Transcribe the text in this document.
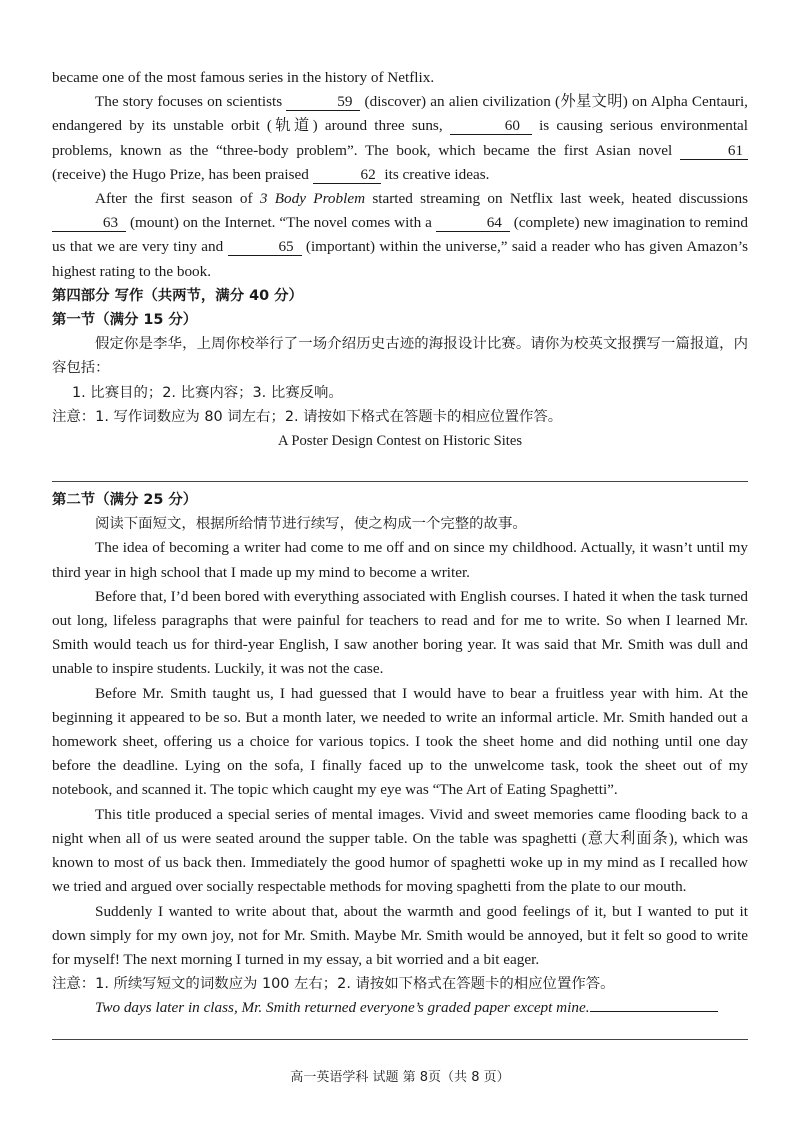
became one of the most famous series in the history of Netflix.

The story focuses on scientists	59 (discover) an alien civilization (外星文明) on Alpha Centauri, endangered by its unstable orbit (轨道) around three suns,	60 is causing serious environmental problems, known as the “three-body problem”. The book, which became the first Asian novel	61 (receive) the Hugo Prize, has been praised	62 its creative ideas.

After the first season of 3 Body Problem started streaming on Netflix last week, heated discussions 63 (mount) on the Internet. “The novel comes with a	64 (complete) new imagination to remind us that we are very tiny and	65 (important) within the universe,” said a reader who has given Amazon’s highest rating to the book.

第四部分 写作（共两节，满分 40 分）

第一节（满分 15 分）

假定你是李华，上周你校举行了一场介绍历史古迹的海报设计比赛。请你为校英文报撰写一篇报道，内容包括：

1. 比赛目的；2. 比赛内容；3. 比赛反响。

注意：1. 写作词数应为 80 词左右；2. 请按如下格式在答题卡的相应位置作答。

A Poster Design Contest on Historic Sites

第二节（满分 25 分）

阅读下面短文，根据所给情节进行续写，使之构成一个完整的故事。

The idea of becoming a writer had come to me off and on since my childhood. Actually, it wasn’t until my third year in high school that I made up my mind to become a writer.

Before that, I’d been bored with everything associated with English courses. I hated it when the task turned out long, lifeless paragraphs that were painful for teachers to read and for me to write. So when I learned Mr. Smith would teach us for third-year English, I saw another boring year. It was said that Mr. Smith was dull and unable to inspire students. Luckily, it was not the case.

Before Mr. Smith taught us, I had guessed that I would have to bear a fruitless year with him. At the beginning it appeared to be so. But a month later, we needed to write an informal article. Mr. Smith handed out a homework sheet, offering us a choice for various topics. I took the sheet home and did nothing until one day before the deadline. Lying on the sofa, I finally faced up to the unwelcome task, took the sheet out of my notebook, and scanned it. The topic which caught my eye was “The Art of Eating Spaghetti”.

This title produced a special series of mental images. Vivid and sweet memories came flooding back to a night when all of us were seated around the supper table. On the table was spaghetti (意大利面条), which was known to most of us back then. Immediately the good humor of spaghetti woke up in my mind as I recalled how we tried and argued over socially respectable methods for moving spaghetti from the plate to our mouth.

Suddenly I wanted to write about that, about the warmth and good feelings of it, but I wanted to put it down simply for my own joy, not for Mr. Smith. Maybe Mr. Smith would be annoyed, but it felt so good to write for myself! The next morning I turned in my essay, a bit worried and a bit eager.

注意：1. 所续写短文的词数应为 100 左右；2. 请按如下格式在答题卡的相应位置作答。

Two days later in class, Mr. Smith returned everyone’s graded paper except mine.

高一英语学科 试题 第 8页（共 8 页）
